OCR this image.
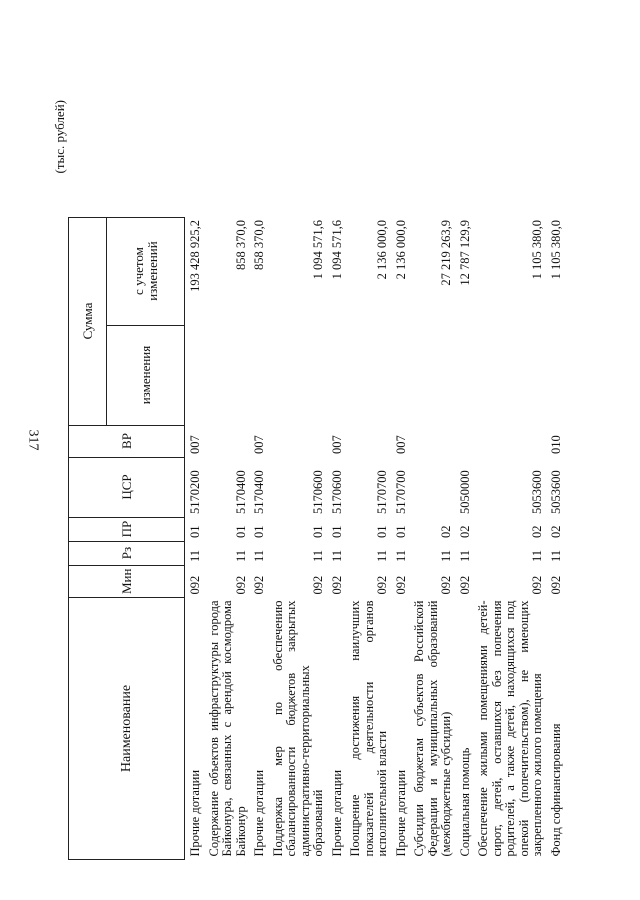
317
(тыс. рублей)
Наименование	Мин	Рз	ПР	ЦСР	ВР	Сумма	
						изменения	с учетом
изменений

Прочие дотации	092	11	01	5170200	007		193 428 925,2
Содержание объектов инфраструктуры города Байконура, связанных с арендой космодрома Байконур	092	11	01	5170400			858 370,0
Прочие дотации	092	11	01	5170400	007		858 370,0
Поддержка мер по обеспечению сбалансированности бюджетов закрытых административно-территориальных образований	092	11	01	5170600			1 094 571,6
Прочие дотации	092	11	01	5170600	007		1 094 571,6
Поощрение достижения наилучших показателей деятельности органов исполнительной власти	092	11	01	5170700			2 136 000,0
Прочие дотации	092	11	01	5170700	007		2 136 000,0
Субсидии бюджетам субъектов Российской Федерации и муниципальных образований (межбюджетные субсидии)	092	11	02				27 219 263,9
Социальная помощь	092	11	02	5050000			12 787 129,9
Обеспечение жилыми помещениями детей-сирот, детей, оставшихся без попечения родителей, а также детей, находящихся под опекой (попечительством), не имеющих закрепленного жилого помещения	092	11	02	5053600			1 105 380,0
Фонд софинансирования	092	11	02	5053600	010		1 105 380,0
